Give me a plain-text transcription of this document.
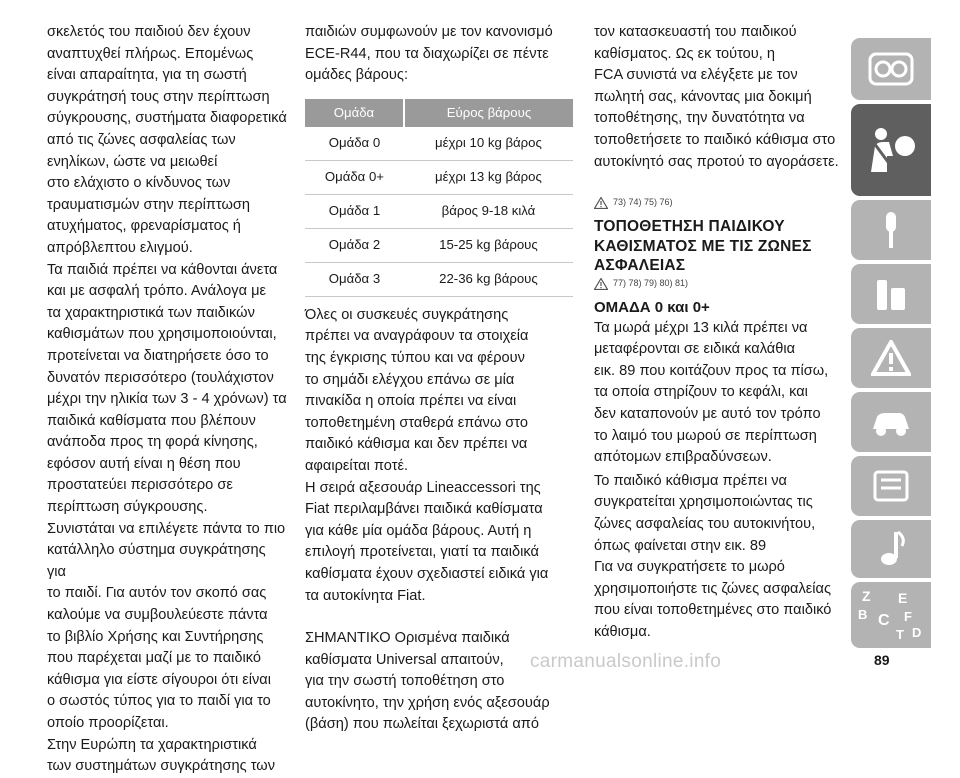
σκελετός του παιδιού δεν έχουν
αναπτυχθεί πλήρως. Επομένως
είναι απαραίτητα, για τη σωστή
συγκράτησή τους στην περίπτωση
σύγκρουσης, συστήματα διαφορετικά
από τις ζώνες ασφαλείας των
ενηλίκων, ώστε να μειωθεί
στο ελάχιστο ο κίνδυνος των
τραυματισμών στην περίπτωση
ατυχήματος, φρεναρίσματος ή
απρόβλεπτου ελιγμού.
Τα παιδιά πρέπει να κάθονται άνετα
και με ασφαλή τρόπο. Ανάλογα με
τα χαρακτηριστικά των παιδικών
καθισμάτων που χρησιμοποιούνται,
προτείνεται να διατηρήσετε όσο το
δυνατόν περισσότερο (τουλάχιστον
μέχρι την ηλικία των 3 - 4 χρόνων) τα
παιδικά καθίσματα που βλέπουν
ανάποδα προς τη φορά κίνησης,
εφόσον αυτή είναι η θέση που
προστατεύει περισσότερο σε
περίπτωση σύγκρουσης.
Συνιστάται να επιλέγετε πάντα το πιο
κατάλληλο σύστημα συγκράτησης για
το παιδί. Για αυτόν τον σκοπό σας
καλούμε να συμβουλεύεστε πάντα
το βιβλίο Χρήσης και Συντήρησης
που παρέχεται μαζί με το παιδικό
κάθισμα για είστε σίγουροι ότι είναι
ο σωστός τύπος για το παιδί για το
οποίο προορίζεται.
Στην Ευρώπη τα χαρακτηριστικά
των συστημάτων συγκράτησης των

παιδιών συμφωνούν με τον κανονισμό
ECE-R44, που τα διαχωρίζει σε πέντε
ομάδες βάρους:

Ομάδα	Εύρος βάρους
Ομάδα 0	μέχρι 10 kg βάρος
Ομάδα 0+	μέχρι 13 kg βάρος
Ομάδα 1	βάρος 9-18 κιλά
Ομάδα 2	15-25 kg βάρους
Ομάδα 3	22-36 kg βάρους

Όλες οι συσκευές συγκράτησης
πρέπει να αναγράφουν τα στοιχεία
της έγκρισης τύπου και να φέρουν
το σημάδι ελέγχου επάνω σε μία
πινακίδα η οποία πρέπει να είναι
τοποθετημένη σταθερά επάνω στο
παιδικό κάθισμα και δεν πρέπει να
αφαιρείται ποτέ.
Η σειρά αξεσουάρ Lineaccessori της
Fiat περιλαμβάνει παιδικά καθίσματα
για κάθε μία ομάδα βάρους. Αυτή η
επιλογή προτείνεται, γιατί τα παιδικά
καθίσματα έχουν σχεδιαστεί ειδικά για
τα αυτοκίνητα Fiat.

ΣΗΜΑΝΤΙΚΟ Ορισμένα παιδικά
καθίσματα Universal απαιτούν,
για την σωστή τοποθέτηση στο
αυτοκίνητο, την χρήση ενός αξεσουάρ
(βάση) που πωλείται ξεχωριστά από

τον κατασκευαστή του παιδικού
καθίσματος. Ως εκ τούτου, η
FCA συνιστά να ελέγξετε με τον
πωλητή σας, κάνοντας μια δοκιμή
τοποθέτησης, την δυνατότητα να
τοποθετήσετε το παιδικό κάθισμα στο
αυτοκίνητό σας προτού το αγοράσετε.

73) 74) 75) 76)
ΤΟΠΟΘΕΤΗΣΗ ΠΑΙΔΙΚΟΥ
ΚΑΘΙΣΜΑΤΟΣ ΜΕ ΤΙΣ ΖΩΝΕΣ
ΑΣΦΑΛΕΙΑΣ
77) 78) 79) 80) 81)
ΟΜΑΔΑ 0 και 0+

Τα μωρά μέχρι 13 κιλά πρέπει να
μεταφέρονται σε ειδικά καλάθια
εικ. 89 που κοιτάζουν προς τα πίσω,
τα οποία στηρίζουν το κεφάλι, και
δεν καταπονούν με αυτό τον τρόπο
το λαιμό του μωρού σε περίπτωση
απότομων επιβραδύνσεων.

Το παιδικό κάθισμα πρέπει να
συγκρατείται χρησιμοποιώντας τις
ζώνες ασφαλείας του αυτοκινήτου,
όπως φαίνεται στην εικ. 89
Για να συγκρατήσετε το μωρό
χρησιμοποιήστε τις ζώνες ασφαλείας
που είναι τοποθετημένες στο παιδικό
κάθισμα.

Z E
B C F
T D
carmanualsonline.info	89
